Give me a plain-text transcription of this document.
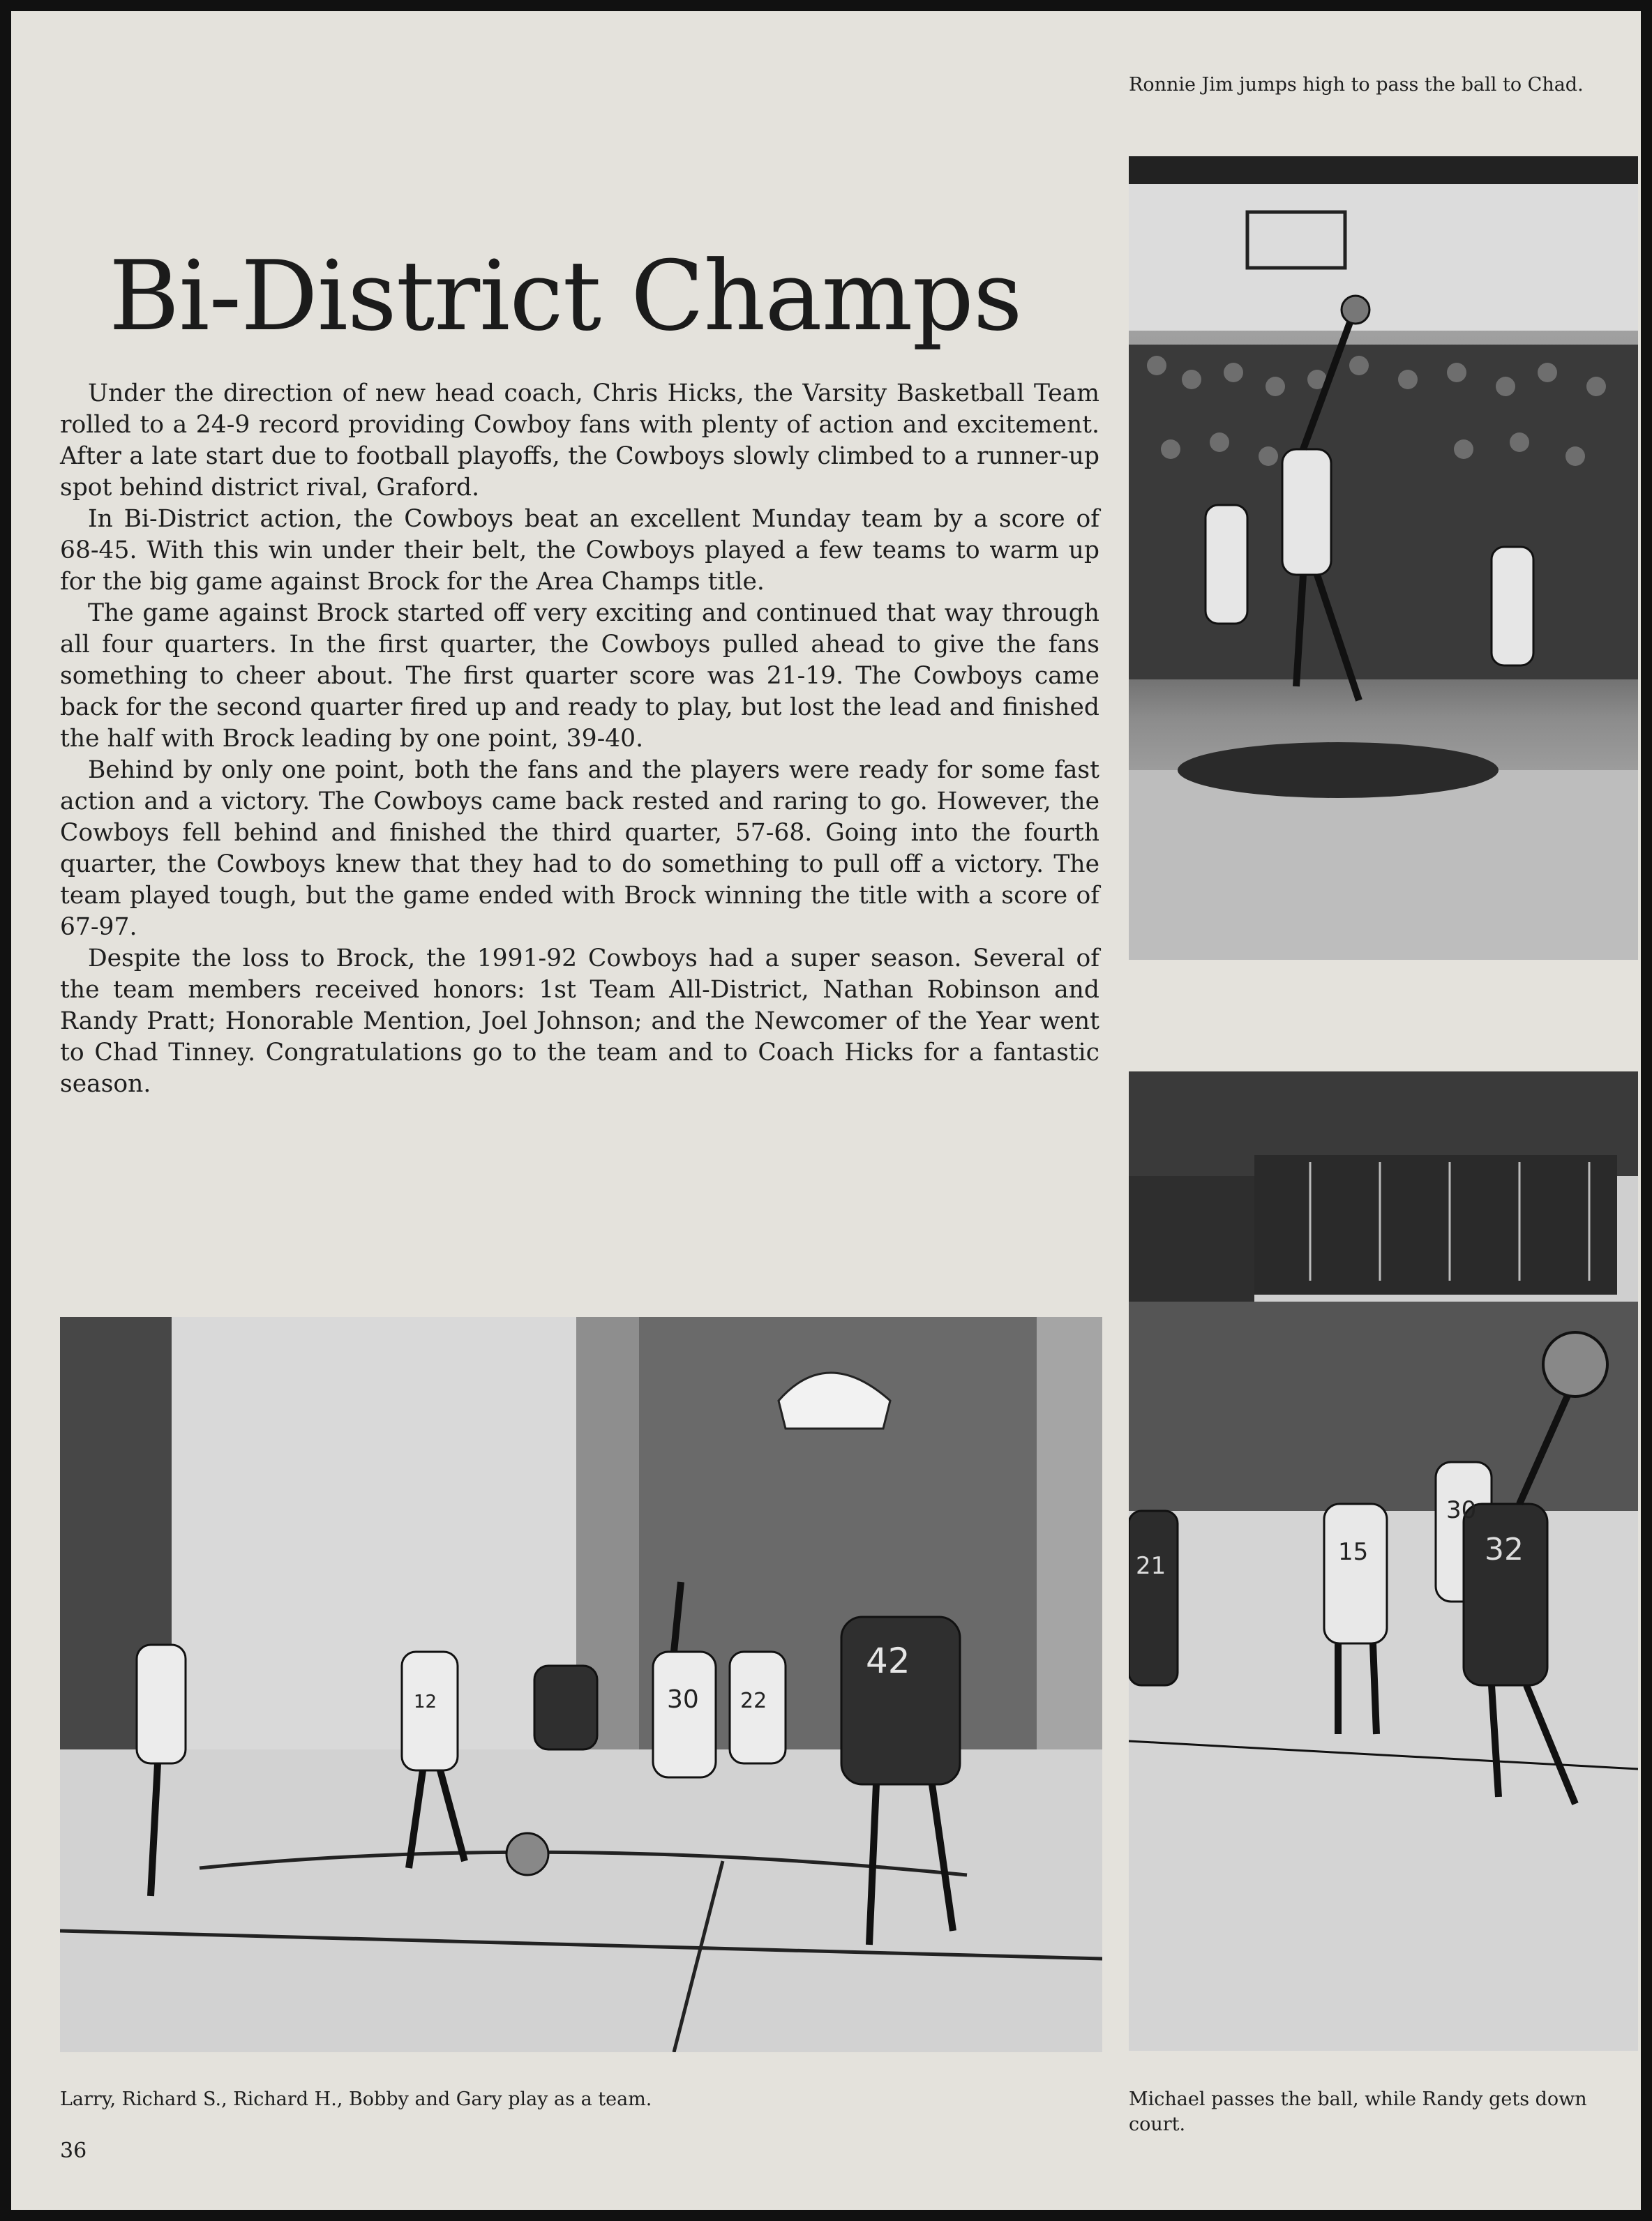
Ronnie Jim jumps high to pass the ball to Chad.
Bi-District Champs

Under the direction of new head coach, Chris Hicks, the Varsity Basketball Team rolled to a 24-9 record providing Cowboy fans with plenty of action and excitement. After a late start due to football playoffs, the Cowboys slowly climbed to a runner-up spot behind district rival, Graford.

In Bi-District action, the Cowboys beat an excellent Munday team by a score of 68-45. With this win under their belt, the Cowboys played a few teams to warm up for the big game against Brock for the Area Champs title.

The game against Brock started off very exciting and continued that way through all four quarters. In the first quarter, the Cowboys pulled ahead to give the fans something to cheer about. The first quarter score was 21-19. The Cowboys came back for the second quarter fired up and ready to play, but lost the lead and finished the half with Brock leading by one point, 39-40.

Behind by only one point, both the fans and the players were ready for some fast action and a victory. The Cowboys came back rested and raring to go. However, the Cowboys fell behind and finished the third quarter, 57-68. Going into the fourth quarter, the Cowboys knew that they had to do something to pull off a victory. The team played tough, but the game ended with Brock winning the title with a score of 67-97.

Despite the loss to Brock, the 1991-92 Cowboys had a super season. Several of the team members received honors: 1st Team All-District, Nathan Robinson and Randy Pratt; Honorable Mention, Joel Johnson; and the Newcomer of the Year went to Chad Tinney. Congratulations go to the team and to Coach Hicks for a fantastic season.

15
21
30
32
12	30 22
42
Larry, Richard S., Richard H., Bobby and Gary play as a team.	Michael passes the ball, while Randy gets down court.
36
